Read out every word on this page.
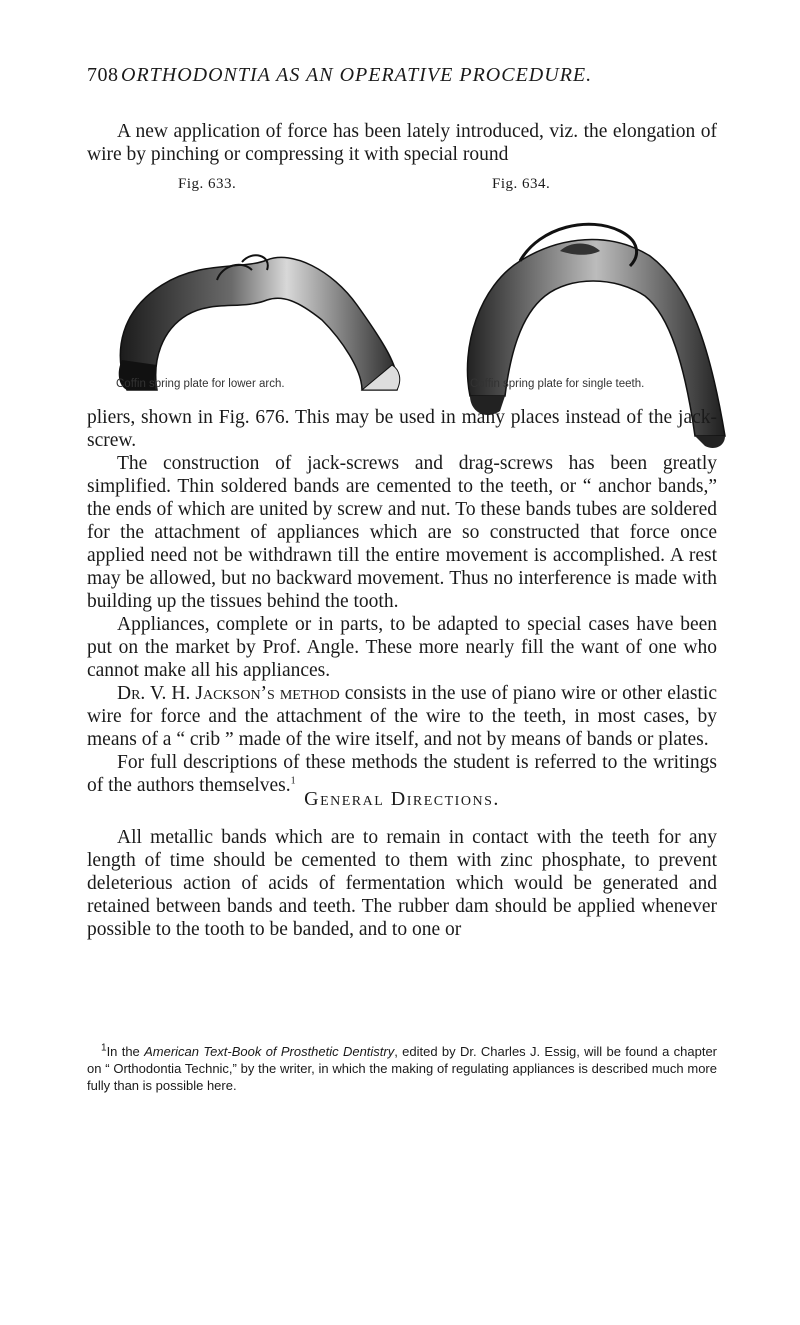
708 ORTHODONTIA AS AN OPERATIVE PROCEDURE.
A new application of force has been lately introduced, viz. the elongation of wire by pinching or compressing it with special round
Fig. 633.	Fig. 634.
Coffin spring plate for lower arch.	Coffin spring plate for single teeth.

pliers, shown in Fig. 676. This may be used in many places instead of the jack-screw.

The construction of jack-screws and drag-screws has been greatly simplified. Thin soldered bands are cemented to the teeth, or “ anchor bands,” the ends of which are united by screw and nut. To these bands tubes are soldered for the attachment of appliances which are so constructed that force once applied need not be withdrawn till the entire movement is accomplished. A rest may be allowed, but no backward movement. Thus no interference is made with building up the tissues behind the tooth.

Appliances, complete or in parts, to be adapted to special cases have been put on the market by Prof. Angle. These more nearly fill the want of one who cannot make all his appliances.

Dr. V. H. Jackson’s method consists in the use of piano wire or other elastic wire for force and the attachment of the wire to the teeth, in most cases, by means of a “ crib ” made of the wire itself, and not by means of bands or plates.

For full descriptions of these methods the student is referred to the writings of the authors themselves.$^1$

General Directions.
All metallic bands which are to remain in contact with the teeth for any length of time should be cemented to them with zinc phosphate, to prevent deleterious action of acids of fermentation which would be generated and retained between bands and teeth. The rubber dam should be applied whenever possible to the tooth to be banded, and to one or
$^1$In the American Text-Book of Prosthetic Dentistry, edited by Dr. Charles J. Essig, will be found a chapter on “ Orthodontia Technic,” by the writer, in which the making of regulating appliances is described much more fully than is possible here.
